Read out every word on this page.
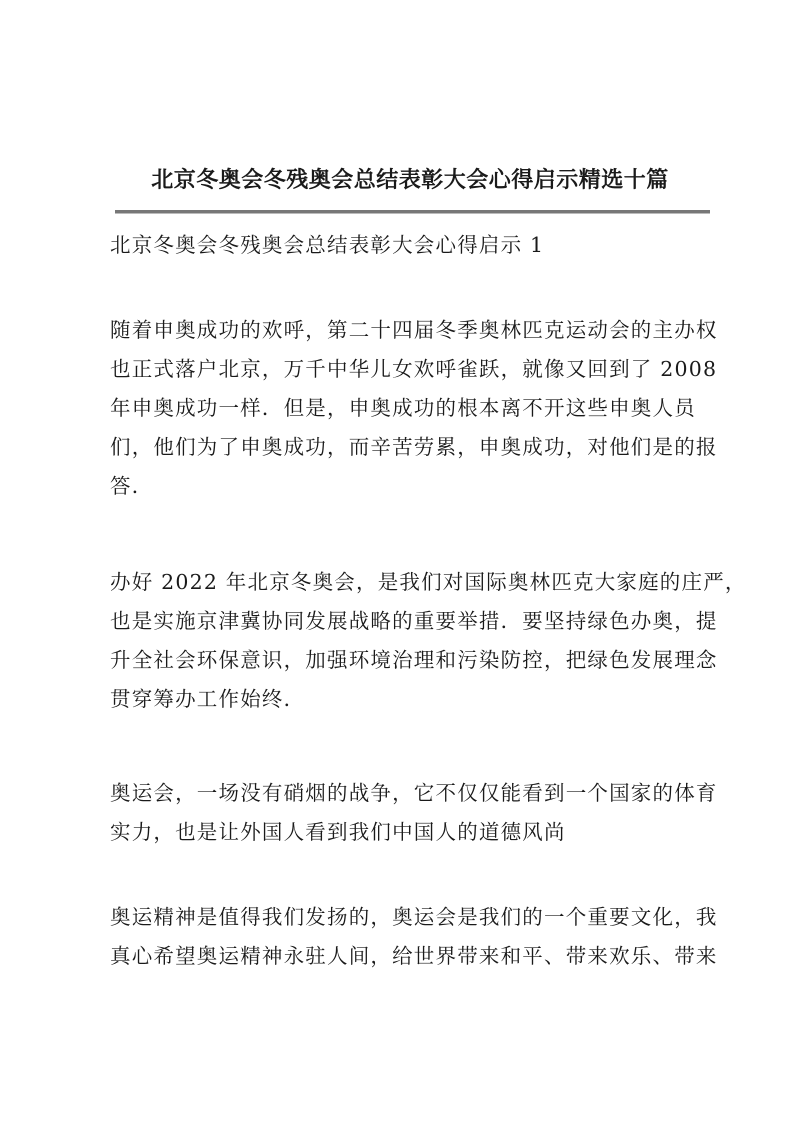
北京冬奥会冬残奥会总结表彰大会心得启示精选十篇
北京冬奥会冬残奥会总结表彰大会心得启示 1
随着申奥成功的欢呼，第二十四届冬季奥林匹克运动会的主办权
也正式落户北京，万千中华儿女欢呼雀跃，就像又回到了 2008
年申奥成功一样．但是，申奥成功的根本离不开这些申奥人员
们，他们为了申奥成功，而辛苦劳累，申奥成功，对他们是的报
答．
办好 2022 年北京冬奥会，是我们对国际奥林匹克大家庭的庄严，
也是实施京津冀协同发展战略的重要举措．要坚持绿色办奥，提
升全社会环保意识，加强环境治理和污染防控，把绿色发展理念
贯穿筹办工作始终．
奥运会，一场没有硝烟的战争，它不仅仅能看到一个国家的体育
实力，也是让外国人看到我们中国人的道德风尚
奥运精神是值得我们发扬的，奥运会是我们的一个重要文化，我
真心希望奥运精神永驻人间，给世界带来和平、带来欢乐、带来
